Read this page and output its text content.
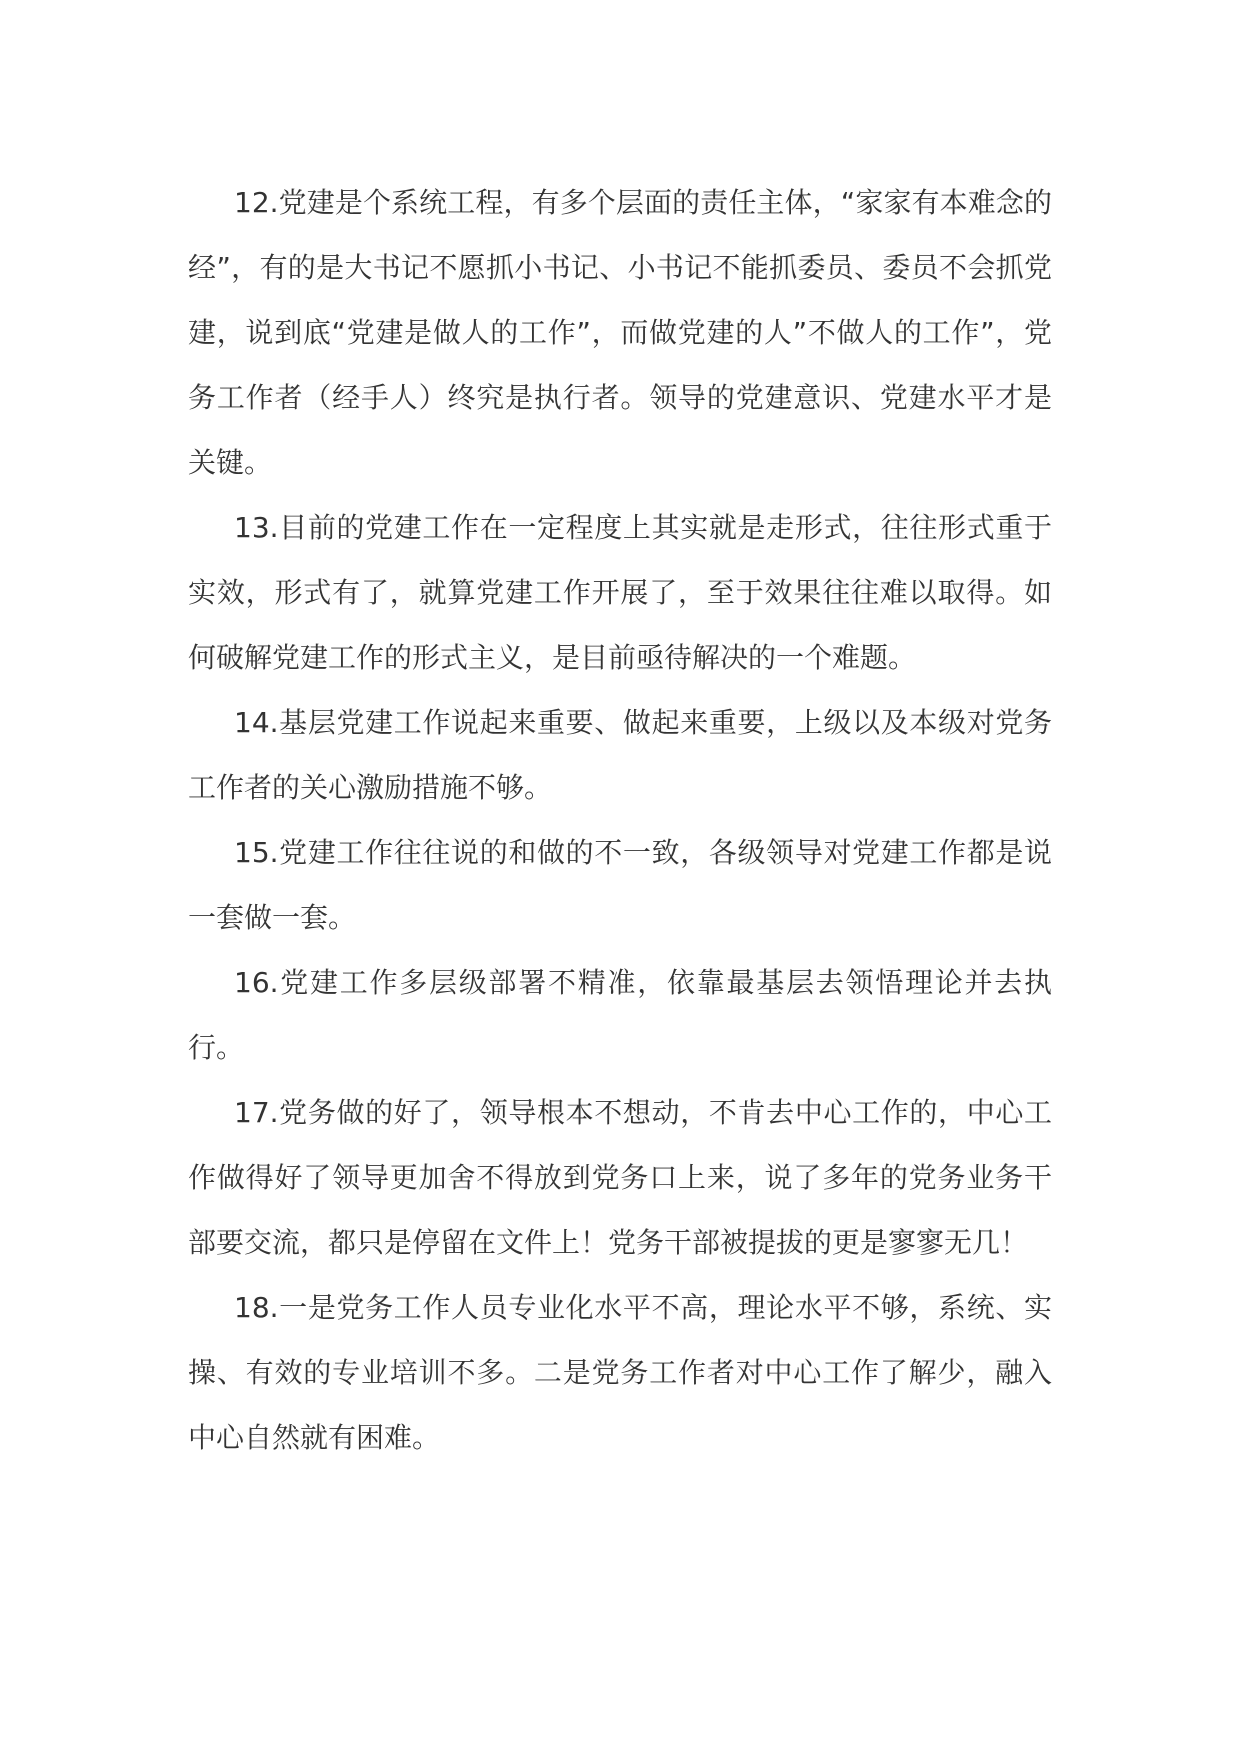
12.党建是个系统工程，有多个层面的责任主体，“家家有本难念的经”，有的是大书记不愿抓小书记、小书记不能抓委员、委员不会抓党建，说到底“党建是做人的工作”，而做党建的人”不做人的工作”，党务工作者（经手人）终究是执行者。领导的党建意识、党建水平才是关键。

13.目前的党建工作在一定程度上其实就是走形式，往往形式重于实效，形式有了，就算党建工作开展了，至于效果往往难以取得。如何破解党建工作的形式主义，是目前亟待解决的一个难题。

14.基层党建工作说起来重要、做起来重要，上级以及本级对党务工作者的关心激励措施不够。

15.党建工作往往说的和做的不一致，各级领导对党建工作都是说一套做一套。

16.党建工作多层级部署不精准，依靠最基层去领悟理论并去执行。

17.党务做的好了，领导根本不想动，不肯去中心工作的，中心工作做得好了领导更加舍不得放到党务口上来，说了多年的党务业务干部要交流，都只是停留在文件上！党务干部被提拔的更是寥寥无几！

18.一是党务工作人员专业化水平不高，理论水平不够，系统、实操、有效的专业培训不多。二是党务工作者对中心工作了解少，融入中心自然就有困难。
